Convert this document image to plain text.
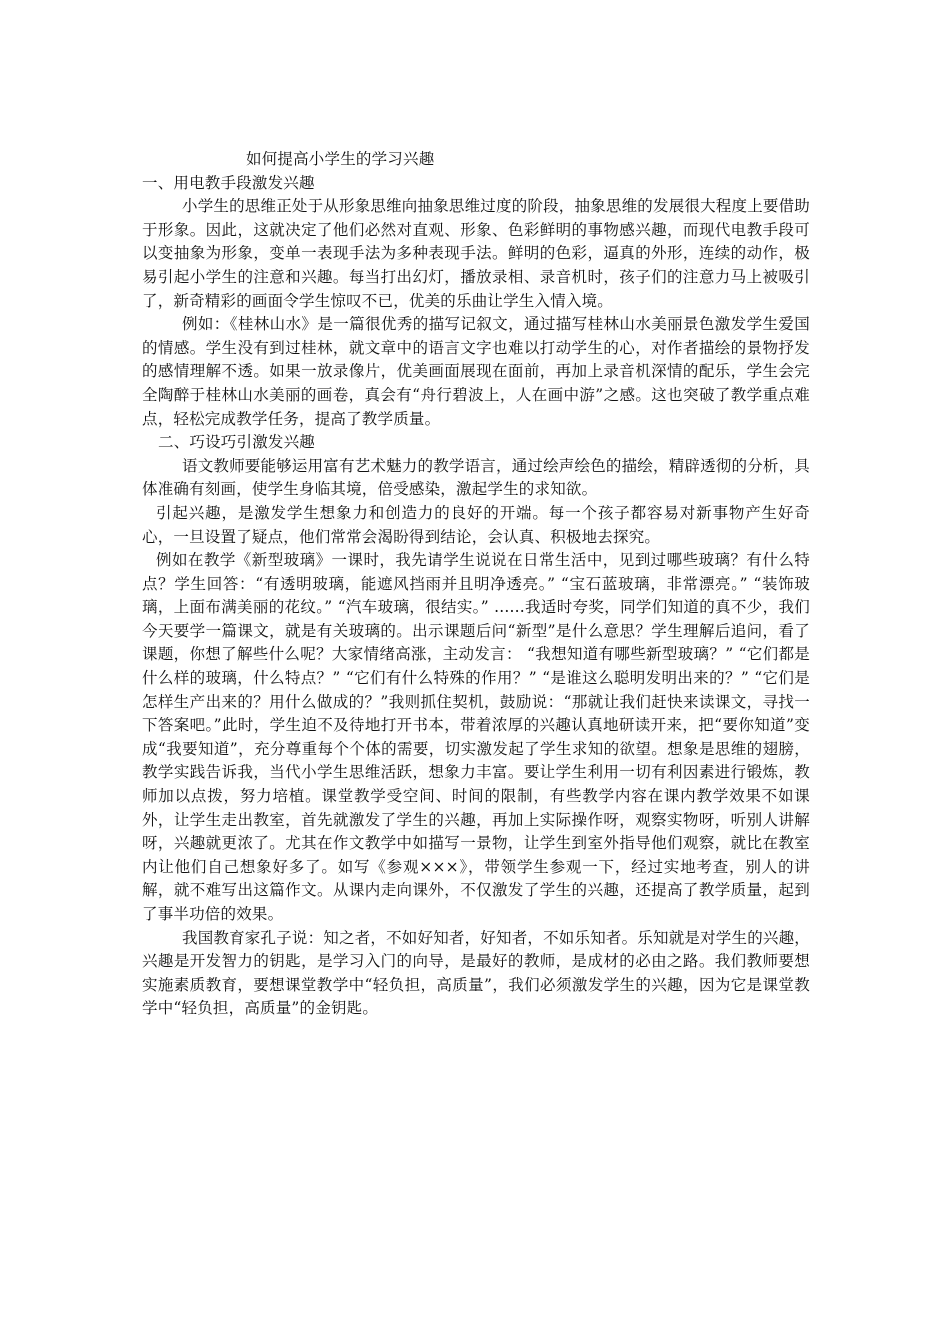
如何提高小学生的学习兴趣

一、用电教手段激发兴趣

小学生的思维正处于从形象思维向抽象思维过度的阶段，抽象思维的发展很大程度上要借助于形象。因此，这就决定了他们必然对直观、形象、色彩鲜明的事物感兴趣，而现代电教手段可以变抽象为形象，变单一表现手法为多种表现手法。鲜明的色彩，逼真的外形，连续的动作，极易引起小学生的注意和兴趣。每当打出幻灯，播放录相、录音机时，孩子们的注意力马上被吸引了，新奇精彩的画面令学生惊叹不已，优美的乐曲让学生入情入境。

例如：《桂林山水》是一篇很优秀的描写记叙文，通过描写桂林山水美丽景色激发学生爱国的情感。学生没有到过桂林，就文章中的语言文字也难以打动学生的心，对作者描绘的景物抒发的感情理解不透。如果一放录像片，优美画面展现在面前，再加上录音机深情的配乐，学生会完全陶醉于桂林山水美丽的画卷，真会有“舟行碧波上，人在画中游”之感。这也突破了教学重点难点，轻松完成教学任务，提高了教学质量。

二、巧设巧引激发兴趣

语文教师要能够运用富有艺术魅力的教学语言，通过绘声绘色的描绘，精辟透彻的分析，具体准确有刻画，使学生身临其境，倍受感染，激起学生的求知欲。

引起兴趣，是激发学生想象力和创造力的良好的开端。每一个孩子都容易对新事物产生好奇心，一旦设置了疑点，他们常常会渴盼得到结论，会认真、积极地去探究。

例如在教学《新型玻璃》一课时，我先请学生说说在日常生活中，见到过哪些玻璃？有什么特点？学生回答：“有透明玻璃，能遮风挡雨并且明净透亮。” “宝石蓝玻璃，非常漂亮。” “装饰玻璃，上面布满美丽的花纹。” “汽车玻璃，很结实。” ......我适时夸奖，同学们知道的真不少，我们今天要学一篇课文，就是有关玻璃的。出示课题后问“新型”是什么意思？学生理解后追问，看了课题，你想了解些什么呢？大家情绪高涨，主动发言： “我想知道有哪些新型玻璃？” “它们都是什么样的玻璃，什么特点？” “它们有什么特殊的作用？” “是谁这么聪明发明出来的？” “它们是怎样生产出来的？用什么做成的？”我则抓住契机，鼓励说：“那就让我们赶快来读课文，寻找一下答案吧。”此时，学生迫不及待地打开书本，带着浓厚的兴趣认真地研读开来，把“要你知道”变成“我要知道”，充分尊重每个个体的需要，切实激发起了学生求知的欲望。想象是思维的翅膀，教学实践告诉我，当代小学生思维活跃，想象力丰富。要让学生利用一切有利因素进行锻炼，教师加以点拨，努力培植。课堂教学受空间、时间的限制，有些教学内容在课内教学效果不如课外，让学生走出教室，首先就激发了学生的兴趣，再加上实际操作呀，观察实物呀，听别人讲解呀，兴趣就更浓了。尤其在作文教学中如描写一景物，让学生到室外指导他们观察，就比在教室内让他们自己想象好多了。如写《参观×××》，带领学生参观一下，经过实地考查，别人的讲解，就不难写出这篇作文。从课内走向课外，不仅激发了学生的兴趣，还提高了教学质量，起到了事半功倍的效果。

我国教育家孔子说：知之者，不如好知者，好知者，不如乐知者。乐知就是对学生的兴趣，兴趣是开发智力的钥匙，是学习入门的向导，是最好的教师，是成材的必由之路。我们教师要想实施素质教育，要想课堂教学中“轻负担，高质量”，我们必须激发学生的兴趣，因为它是课堂教学中“轻负担，高质量”的金钥匙。
